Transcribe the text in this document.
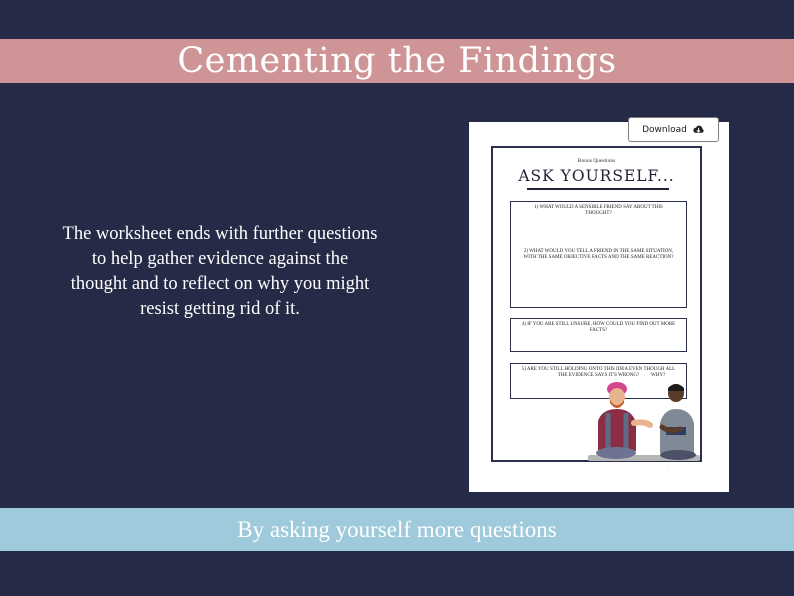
Cementing the Findings
The worksheet ends with further questions to help gather evidence against the thought and to reflect on why you might resist getting rid of it.
Download
Bonus Questions
ASK YOURSELF...
1) WHAT WOULD A SENSIBLE FRIEND SAY ABOUT THIS THOUGHT?
2) WHAT WOULD YOU TELL A FRIEND IN THE SAME SITUATION, WITH THE SAME OBJECTIVE FACTS AND THE SAME REACTION?
4) IF YOU ARE STILL UNSURE, HOW COULD YOU FIND OUT MORE FACTS?
5) ARE YOU STILL HOLDING ONTO THIS IDEA EVEN THOUGH ALL THE EVIDENCE SAYS IT'S WRONG?	WHY?
~
By asking yourself more questions
